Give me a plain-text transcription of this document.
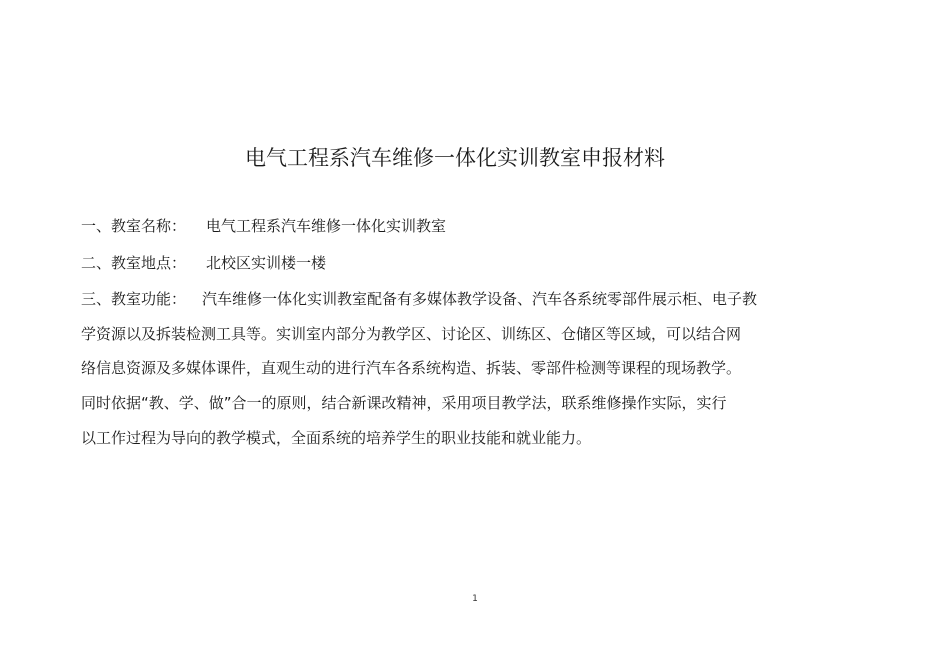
电气工程系汽车维修一体化实训教室申报材料
一、教室名称： 电气工程系汽车维修一体化实训教室
二、教室地点： 北校区实训楼一楼
三、教室功能： 汽车维修一体化实训教室配备有多媒体教学设备、汽车各系统零部件展示柜、电子教
学资源以及拆装检测工具等。实训室内部分为教学区、讨论区、训练区、仓储区等区域，可以结合网
络信息资源及多媒体课件，直观生动的进行汽车各系统构造、拆装、零部件检测等课程的现场教学。
同时依据“教、学、做”合一的原则，结合新课改精神，采用项目教学法，联系维修操作实际，实行
以工作过程为导向的教学模式，全面系统的培养学生的职业技能和就业能力。
1
